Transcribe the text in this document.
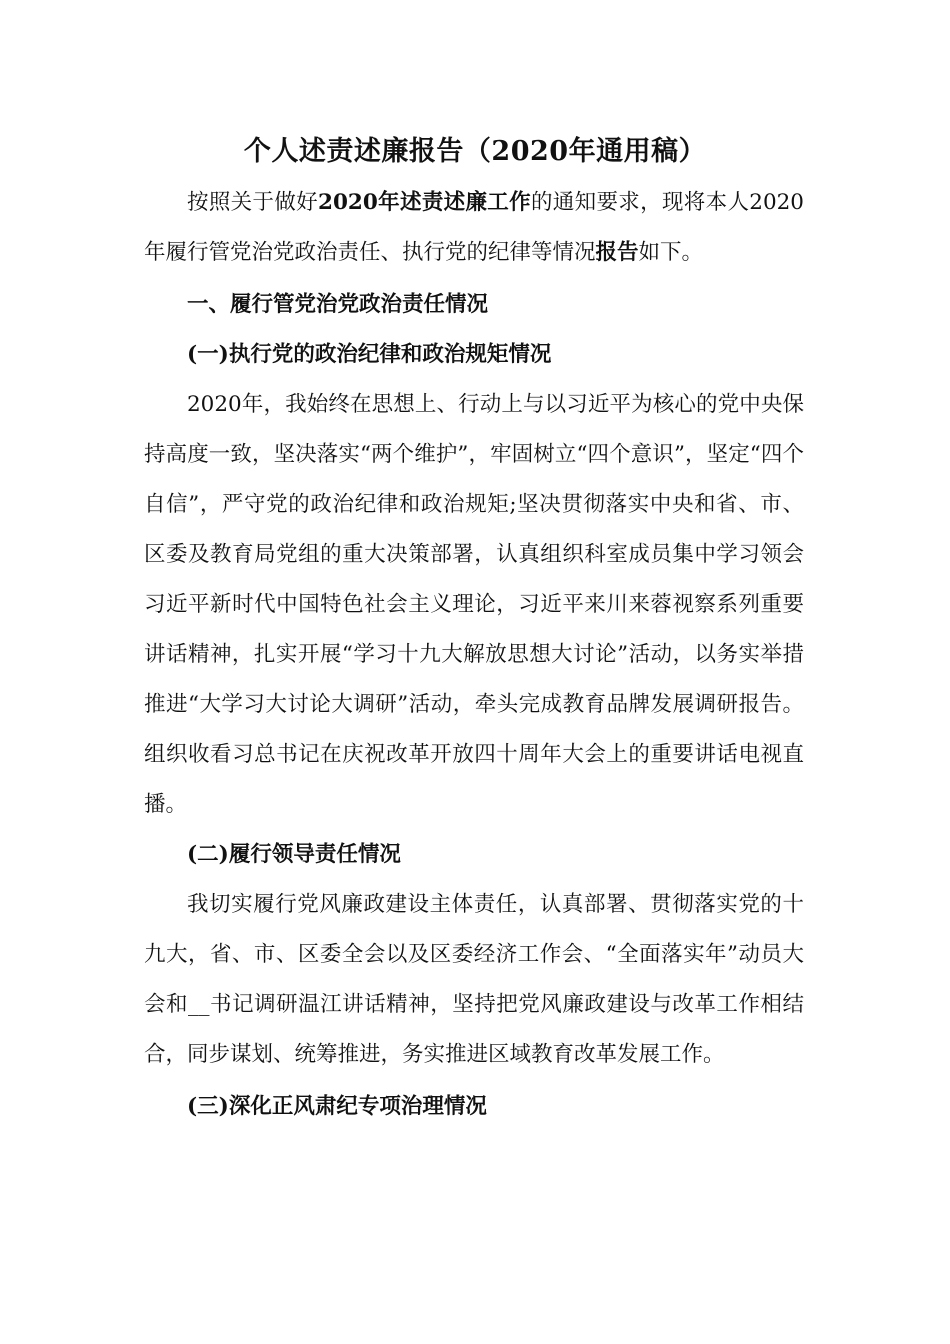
个人述责述廉报告（2020年通用稿）

按照关于做好2020年述责述廉工作的通知要求，现将本人2020年履行管党治党政治责任、执行党的纪律等情况报告如下。

一、履行管党治党政治责任情况

(一)执行党的政治纪律和政治规矩情况

2020年，我始终在思想上、行动上与以习近平为核心的党中央保持高度一致，坚决落实“两个维护”，牢固树立“四个意识”，坚定“四个自信”，严守党的政治纪律和政治规矩;坚决贯彻落实中央和省、市、区委及教育局党组的重大决策部署，认真组织科室成员集中学习领会习近平新时代中国特色社会主义理论，习近平来川来蓉视察系列重要讲话精神，扎实开展“学习十九大解放思想大讨论”活动，以务实举措推进“大学习大讨论大调研”活动，牵头完成教育品牌发展调研报告。组织收看习总书记在庆祝改革开放四十周年大会上的重要讲话电视直播。

(二)履行领导责任情况

我切实履行党风廉政建设主体责任，认真部署、贯彻落实党的十九大，省、市、区委全会以及区委经济工作会、“全面落实年”动员大会和__书记调研温江讲话精神，坚持把党风廉政建设与改革工作相结合，同步谋划、统筹推进，务实推进区域教育改革发展工作。

(三)深化正风肃纪专项治理情况
